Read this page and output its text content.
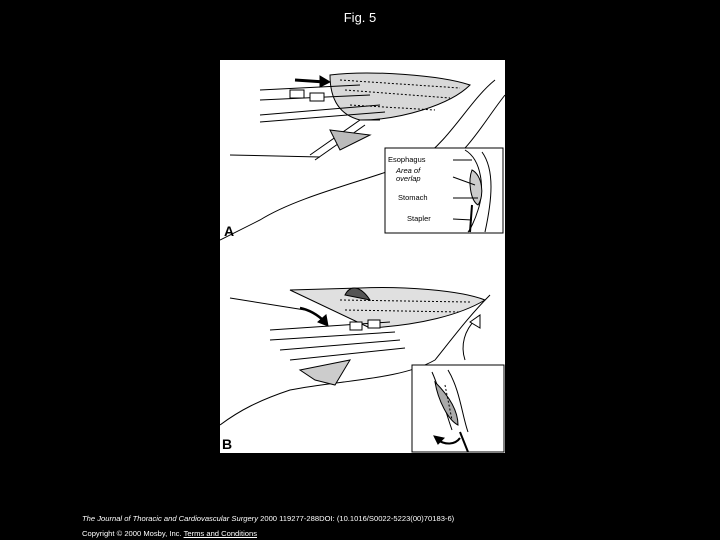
Fig. 5
A
B
Esophagus
Area of
overlap
Stomach
Stapler
The Journal of Thoracic and Cardiovascular Surgery 2000 119277-288DOI: (10.1016/S0022-5223(00)70183-6)
Copyright © 2000 Mosby, Inc. Terms and Conditions
